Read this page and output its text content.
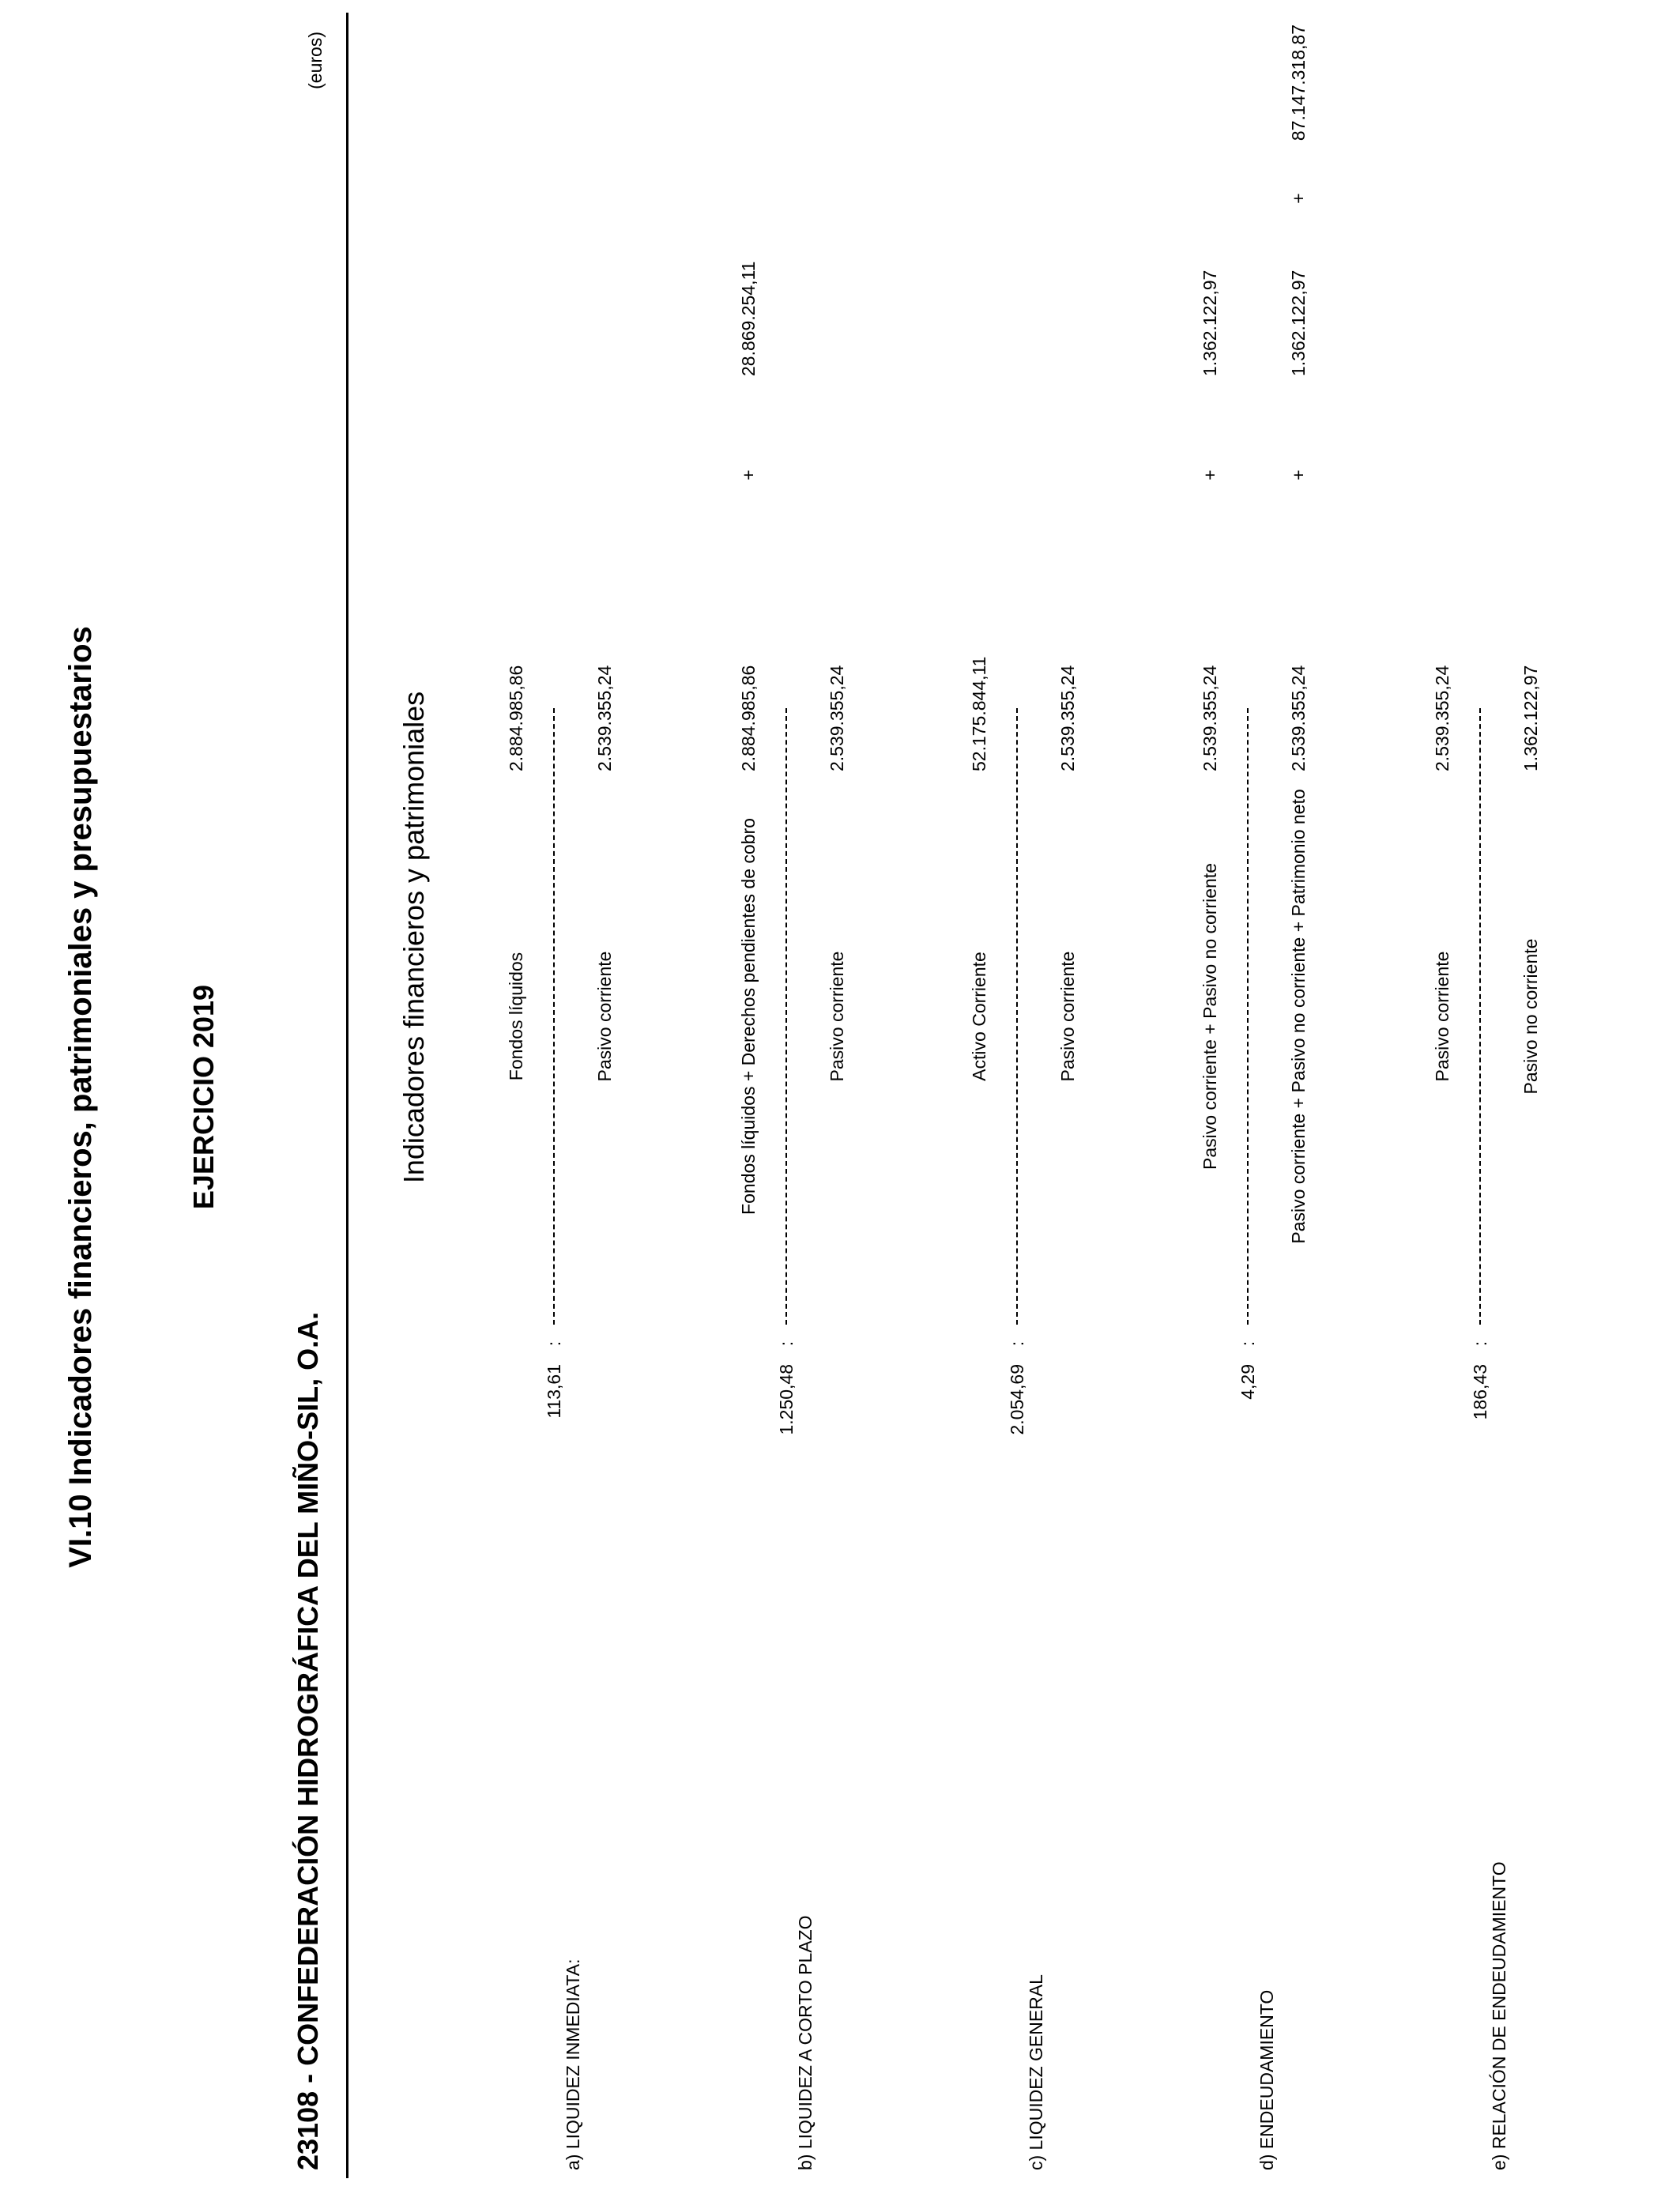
VI.10 Indicadores financieros, patrimoniales y presupuestarios
23108 - CONFEDERACIÓN HIDROGRÁFICA DEL MIÑO-SIL, O.A.
EJERCICIO 2019
(euros)
Indicadores financieros y patrimoniales
a) LIQUIDEZ INMEDIATA:
113,61
:
Fondos líquidos
2.884.985,86
Pasivo corriente
2.539.355,24
b) LIQUIDEZ A CORTO PLAZO
1.250,48
:
Fondos líquidos + Derechos pendientes de cobro
2.884.985,86
28.869.254,11
+
Pasivo corriente
2.539.355,24
c) LIQUIDEZ GENERAL
2.054,69
:
Activo Corriente
52.175.844,11
Pasivo corriente
2.539.355,24
d) ENDEUDAMIENTO
4,29
:
Pasivo corriente + Pasivo no corriente
2.539.355,24
1.362.122,97
+
Pasivo corriente + Pasivo no corriente + Patrimonio neto
2.539.355,24
1.362.122,97
87.147.318,87
+
+
e) RELACIÓN DE ENDEUDAMIENTO
186,43
:
Pasivo corriente
2.539.355,24
Pasivo no corriente
1.362.122,97
